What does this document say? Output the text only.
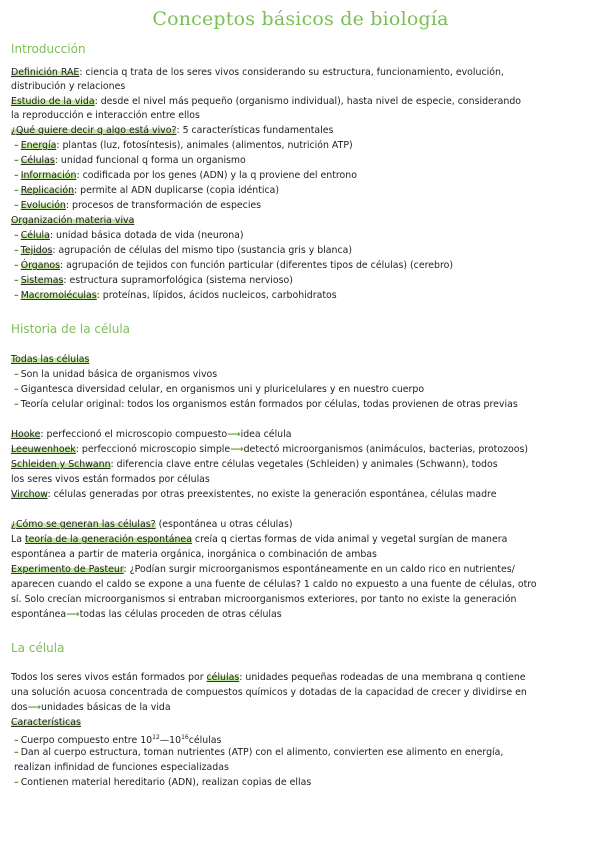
Conceptos básicos de biología
Introducción
Definición RAE: ciencia q trata de los seres vivos considerando su estructura, funcionamiento, evolución,
distribución y relaciones
Estudio de la vida: desde el nivel más pequeño (organismo individual), hasta nivel de especie, considerando
la reproducción e interacción entre ellos
¿Qué quiere decir q algo está vivo?: 5 características fundamentales
– Energía: plantas (luz, fotosíntesis), animales (alimentos, nutrición ATP)
– Células: unidad funcional q forma un organismo
– Información: codificada por los genes (ADN) y la q proviene del entrono
– Replicación: permite al ADN duplicarse (copia idéntica)
– Evolución: procesos de transformación de especies
Organización materia viva
– Célula: unidad básica dotada de vida (neurona)
– Tejidos: agrupación de células del mismo tipo (sustancia gris y blanca)
– Órganos: agrupación de tejidos con función particular (diferentes tipos de células) (cerebro)
– Sistemas: estructura supramorfológica (sistema nervioso)
– Macromoléculas: proteínas, lípidos, ácidos nucleicos, carbohidratos
Historia de la célula
Todas las células
– Son la unidad básica de organismos vivos
– Gigantesca diversidad celular, en organismos uni y pluricelulares y en nuestro cuerpo
– Teoría celular original: todos los organismos están formados por células, todas provienen de otras previas
Hooke: perfeccionó el microscopio compuesto⟶idea célula
Leeuwenhoek: perfeccionó microscopio simple⟶detectó microorganismos (animáculos, bacterias, protozoos)
Schleiden y Schwann: diferencia clave entre células vegetales (Schleiden) y animales (Schwann), todos
los seres vivos están formados por células
Virchow: células generadas por otras preexistentes, no existe la generación espontánea, células madre
¿Cómo se generan las células? (espontánea u otras células)
La teoría de la generación espontánea creía q ciertas formas de vida animal y vegetal surgían de manera
espontánea a partir de materia orgánica, inorgánica o combinación de ambas
Experimento de Pasteur: ¿Podían surgir microorganismos espontáneamente en un caldo rico en nutrientes/
aparecen cuando el caldo se expone a una fuente de células? 1 caldo no expuesto a una fuente de células, otro
sí. Solo crecían microorganismos si entraban microorganismos exteriores, por tanto no existe la generación
espontánea⟶todas las células proceden de otras células
La célula
Todos los seres vivos están formados por células: unidades pequeñas rodeadas de una membrana q contiene
una solución acuosa concentrada de compuestos químicos y dotadas de la capacidad de crecer y dividirse en
dos⟶unidades básicas de la vida
Características
– Cuerpo compuesto entre $10^{12}—10^{16}células$
– Dan al cuerpo estructura, toman nutrientes (ATP) con el alimento, convierten ese alimento en energía,
realizan infinidad de funciones especializadas
– Contienen material hereditario (ADN), realizan copias de ellas
